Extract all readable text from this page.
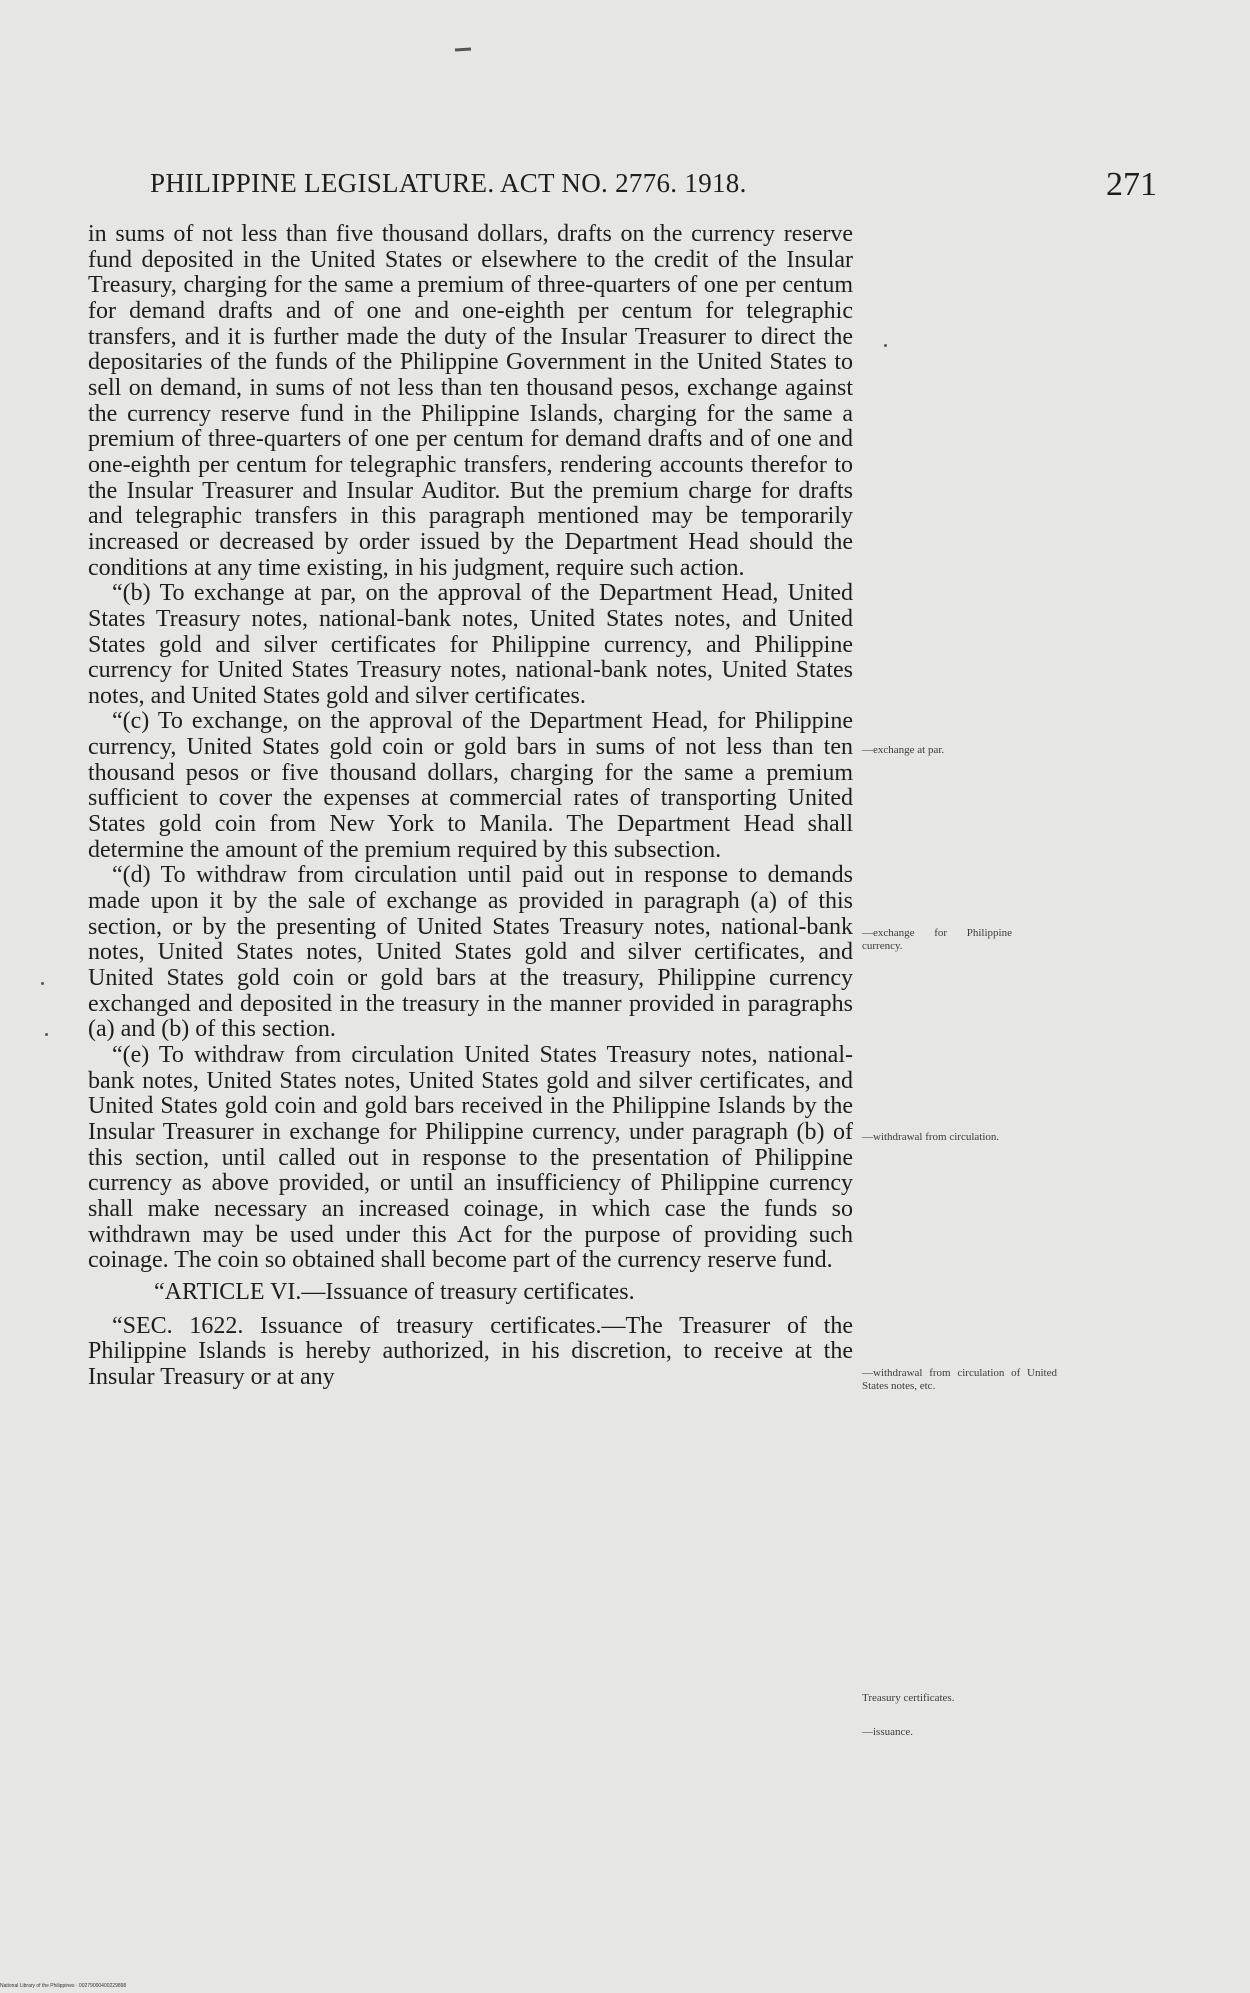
PHILIPPINE LEGISLATURE. ACT NO. 2776. 1918.	271

in sums of not less than five thousand dollars, drafts on the currency reserve fund deposited in the United States or elsewhere to the credit of the Insular Treasury, charging for the same a premium of three-quarters of one per centum for demand drafts and of one and one-eighth per centum for telegraphic transfers, and it is further made the duty of the Insular Treasurer to direct the depositaries of the funds of the Philippine Government in the United States to sell on demand, in sums of not less than ten thousand pesos, exchange against the currency reserve fund in the Philippine Islands, charging for the same a premium of three-quarters of one per centum for demand drafts and of one and one-eighth per centum for telegraphic transfers, rendering accounts therefor to the Insular Treasurer and Insular Auditor. But the premium charge for drafts and telegraphic transfers in this paragraph mentioned may be temporarily increased or decreased by order issued by the Department Head should the conditions at any time existing, in his judgment, require such action.

“(b) To exchange at par, on the approval of the Department Head, United States Treasury notes, national-bank notes, United States notes, and United States gold and silver certificates for Philippine currency, and Philippine currency for United States Treasury notes, national-bank notes, United States notes, and United States gold and silver certificates.

“(c) To exchange, on the approval of the Department Head, for Philippine currency, United States gold coin or gold bars in sums of not less than ten thousand pesos or five thousand dollars, charging for the same a premium sufficient to cover the expenses at commercial rates of transporting United States gold coin from New York to Manila. The Department Head shall determine the amount of the premium required by this subsection.

“(d) To withdraw from circulation until paid out in response to demands made upon it by the sale of exchange as provided in paragraph (a) of this section, or by the presenting of United States Treasury notes, national-bank notes, United States notes, United States gold and silver certificates, and United States gold coin or gold bars at the treasury, Philippine currency exchanged and deposited in the treasury in the manner provided in paragraphs (a) and (b) of this section.

“(e) To withdraw from circulation United States Treasury notes, national-bank notes, United States notes, United States gold and silver certificates, and United States gold coin and gold bars received in the Philippine Islands by the Insular Treasurer in exchange for Philippine currency, under paragraph (b) of this section, until called out in response to the presentation of Philippine currency as above provided, or until an insufficiency of Philippine currency shall make necessary an increased coinage, in which case the funds so withdrawn may be used under this Act for the purpose of providing such coinage. The coin so obtained shall become part of the currency reserve fund.

“ARTICLE VI.—Issuance of treasury certificates.

“SEC. 1622. Issuance of treasury certificates.—The Treasurer of the Philippine Islands is hereby authorized, in his discretion, to receive at the Insular Treasury or at any

—exchange at par.
—exchange for Philippine currency.
—withdrawal from circulation.
—withdrawal from circulation of United States notes, etc.
Treasury certificates.
—issuance.
National Library of the Philippines · 00279000400229898
